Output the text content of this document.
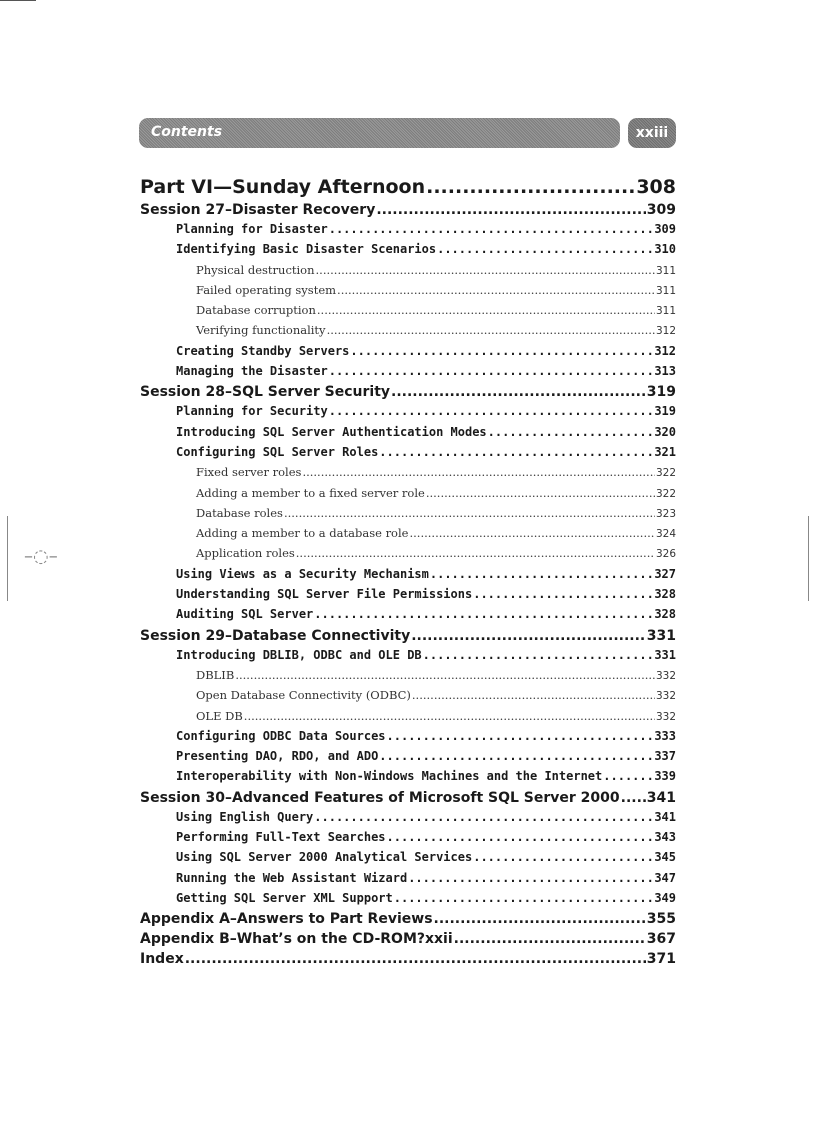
Contents	xxiii
Part VI—Sunday Afternoon .....	308
Session 27–Disaster Recovery .....	309
Planning for Disaster .....	309
Identifying Basic Disaster Scenarios .....	310
Physical destruction .....	311
Failed operating system .....	311
Database corruption .....	311
Verifying functionality .....	312
Creating Standby Servers .....	312
Managing the Disaster .....	313
Session 28–SQL Server Security .....	319
Planning for Security .....	319
Introducing SQL Server Authentication Modes .....	320
Configuring SQL Server Roles .....	321
Fixed server roles .....	322
Adding a member to a fixed server role .....	322
Database roles .....	323
Adding a member to a database role .....	324
Application roles .....	326
Using Views as a Security Mechanism .....	327
Understanding SQL Server File Permissions .....	328
Auditing SQL Server .....	328
Session 29–Database Connectivity .....	331
Introducing DBLIB, ODBC and OLE DB .....	331
DBLIB .....	332
Open Database Connectivity (ODBC) .....	332
OLE DB .....	332
Configuring ODBC Data Sources .....	333
Presenting DAO, RDO, and ADO .....	337
Interoperability with Non-Windows Machines and the Internet .....	339
Session 30–Advanced Features of Microsoft SQL Server 2000 ..... 341
Using English Query .....	341
Performing Full-Text Searches .....	343
Using SQL Server 2000 Analytical Services .....	345
Running the Web Assistant Wizard .....	347
Getting SQL Server XML Support .....	349
Appendix A–Answers to Part Reviews .....	355
Appendix B–What’s on the CD-ROM?xxii .....	367
Index .....	371
–◌–
